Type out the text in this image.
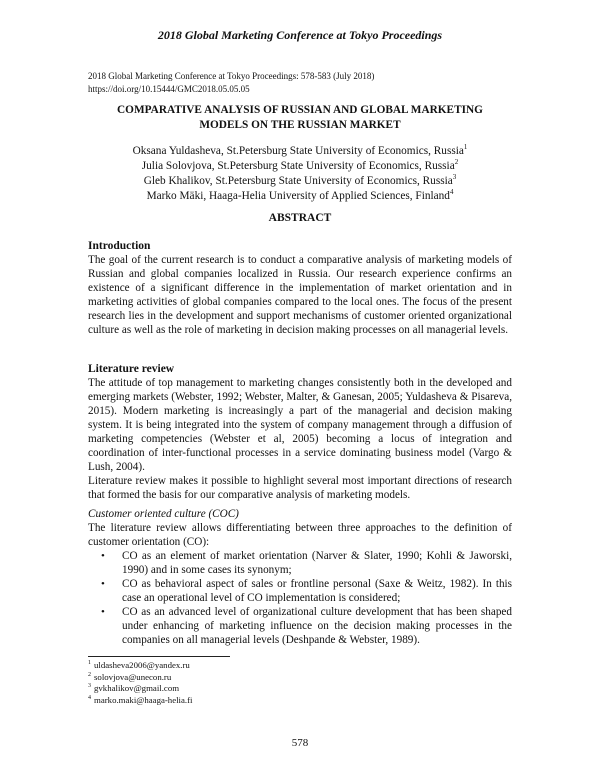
2018 Global Marketing Conference at Tokyo Proceedings
2018 Global Marketing Conference at Tokyo Proceedings: 578-583 (July 2018)
https://doi.org/10.15444/GMC2018.05.05.05
COMPARATIVE ANALYSIS OF RUSSIAN AND GLOBAL MARKETING
MODELS ON THE RUSSIAN MARKET
Oksana Yuldasheva, St.Petersburg State University of Economics, Russia$^1$
Julia Solovjova, St.Petersburg State University of Economics, Russia$^2$
Gleb Khalikov, St.Petersburg State University of Economics, Russia$^3$
Marko Mäki, Haaga-Helia University of Applied Sciences, Finland$^4$
ABSTRACT
Introduction

The goal of the current research is to conduct a comparative analysis of marketing models of Russian and global companies localized in Russia. Our research experience confirms an existence of a significant difference in the implementation of market orientation and in marketing activities of global companies compared to the local ones. The focus of the present research lies in the development and support mechanisms of customer oriented organizational culture as well as the role of marketing in decision making processes on all managerial levels.

Literature review

The attitude of top management to marketing changes consistently both in the developed and emerging markets (Webster, 1992; Webster, Malter, & Ganesan, 2005; Yuldasheva & Pisareva, 2015). Modern marketing is increasingly a part of the managerial and decision making system. It is being integrated into the system of company management through a diffusion of marketing competencies (Webster et al, 2005) becoming a locus of integration and coordination of inter-functional processes in a service dominating business model (Vargo & Lush, 2004).

Literature review makes it possible to highlight several most important directions of research that formed the basis for our comparative analysis of marketing models.

Customer oriented culture (COC)

The literature review allows differentiating between three approaches to the definition of customer orientation (CO):

• CO as an element of market orientation (Narver & Slater, 1990; Kohli & Jaworski, 1990) and in some cases its synonym;
• CO as behavioral aspect of sales or frontline personal (Saxe & Weitz, 1982). In this case an operational level of CO implementation is considered;
• CO as an advanced level of organizational culture development that has been shaped under enhancing of marketing influence on the decision making processes in the companies on all managerial levels (Deshpande & Webster, 1989).
$^1$ uldasheva2006@yandex.ru
$^2$ solovjova@unecon.ru
$^3$ gvkhalikov@gmail.com
$^4$ marko.maki@haaga-helia.fi
578
